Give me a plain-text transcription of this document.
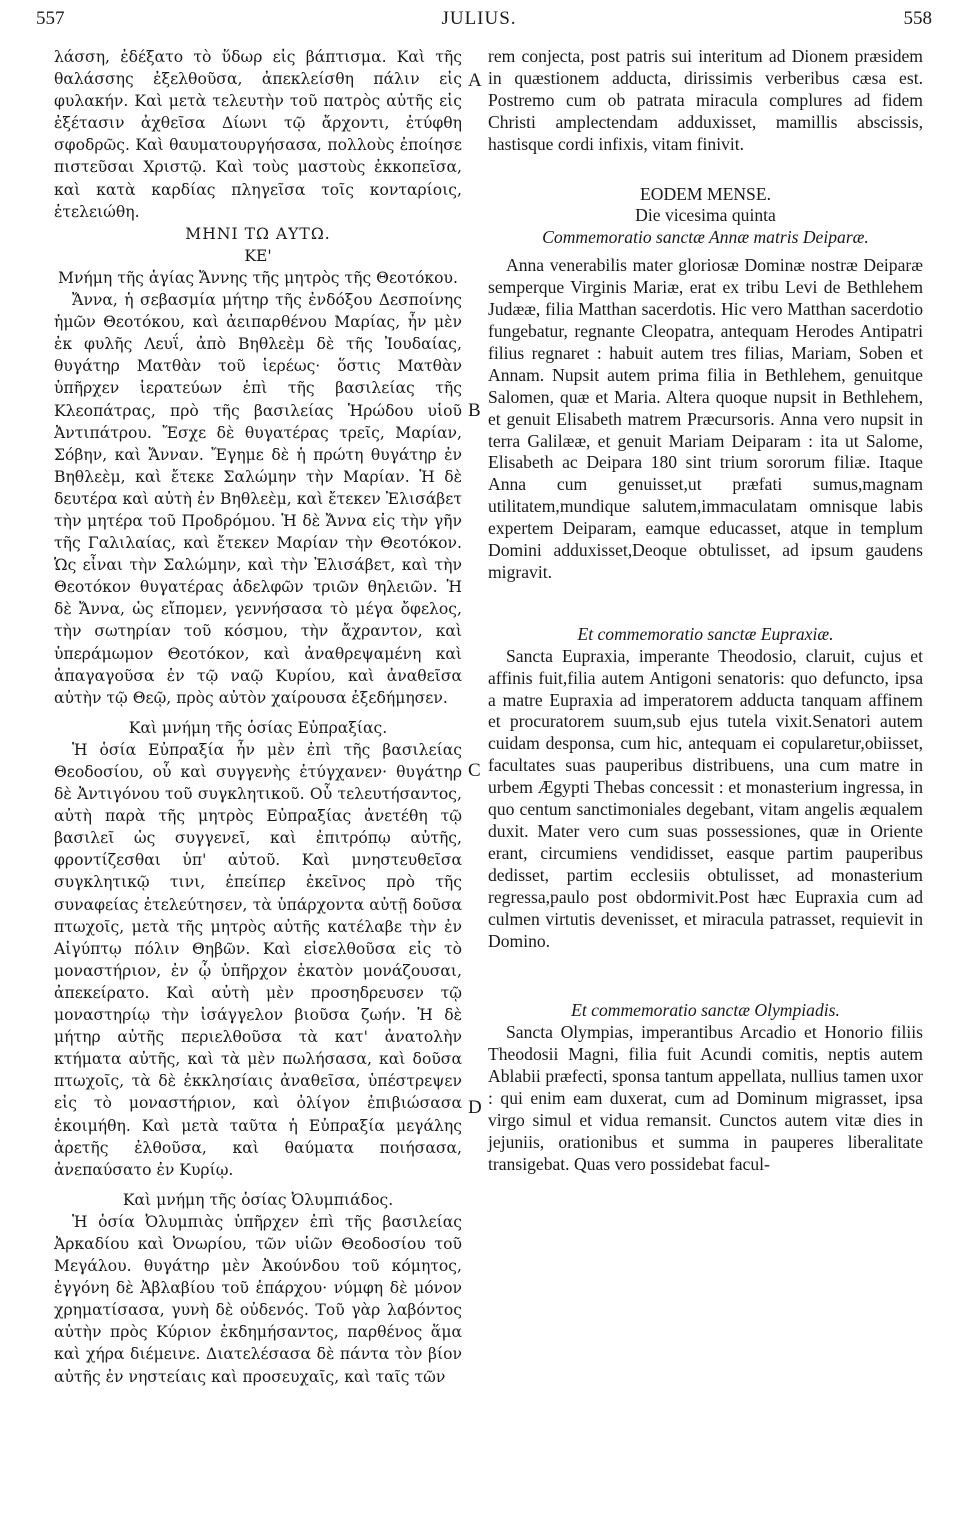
557	JULIUS.	558
A
B
C
D

λάσση, ἐδέξατο τὸ ὕδωρ εἰς βάπτισμα. Καὶ τῆς θαλάσσης ἐξελθοῦσα, ἀπεκλείσθη πάλιν εἰς φυλακήν. Καὶ μετὰ τελευτὴν τοῦ πατρὸς αὐτῆς εἰς ἐξέτασιν ἀχθεῖσα Δίωνι τῷ ἄρχοντι, ἐτύφθη σφοδρῶς. Καὶ θαυματουργήσασα, πολλοὺς ἐποίησε πιστεῦσαι Χριστῷ. Καὶ τοὺς μαστοὺς ἐκκοπεῖσα, καὶ κατὰ καρδίας πληγεῖσα τοῖς κονταρίοις, ἐτελειώθη.

ΜΗΝΙ ΤΩ ΑΥΤΩ.

ΚΕ'

Μνήμη τῆς ἁγίας Ἄννης τῆς μητρὸς τῆς Θεοτόκου.

Ἄννα, ἡ σεβασμία μήτηρ τῆς ἐνδόξου Δεσποίνης ἡμῶν Θεοτόκου, καὶ ἀειπαρθένου Μαρίας, ἦν μὲν ἐκ φυλῆς Λευΐ, ἀπὸ Βηθλεὲμ δὲ τῆς Ἰουδαίας, θυγάτηρ Ματθὰν τοῦ ἱερέως· ὅστις Ματθὰν ὑπῆρχεν ἱερατεύων ἐπὶ τῆς βασιλείας τῆς Κλεοπάτρας, πρὸ τῆς βασιλείας Ἡρώδου υἱοῦ Ἀντιπάτρου. Ἔσχε δὲ θυγατέρας τρεῖς, Μαρίαν, Σόβην, καὶ Ἄνναν. Ἔγημε δὲ ἡ πρώτη θυγάτηρ ἐν Βηθλεὲμ, καὶ ἔτεκε Σαλώμην τὴν Μαρίαν. Ἡ δὲ δευτέρα καὶ αὐτὴ ἐν Βηθλεὲμ, καὶ ἔτεκεν Ἐλισάβετ τὴν μητέρα τοῦ Προδρόμου. Ἡ δὲ Ἄννα εἰς τὴν γῆν τῆς Γαλιλαίας, καὶ ἔτεκεν Μαρίαν τὴν Θεοτόκον. Ὡς εἶναι τὴν Σαλώμην, καὶ τὴν Ἐλισάβετ, καὶ τὴν Θεοτόκον θυγατέρας ἀδελφῶν τριῶν θηλειῶν. Ἡ δὲ Ἄννα, ὡς εἴπομεν, γεννήσασα τὸ μέγα ὄφελος, τὴν σωτηρίαν τοῦ κόσμου, τὴν ἄχραντον, καὶ ὑπεράμωμον Θεοτόκον, καὶ ἀναθρεψαμένη καὶ ἀπαγαγοῦσα ἐν τῷ ναῷ Κυρίου, καὶ ἀναθεῖσα αὐτὴν τῷ Θεῷ, πρὸς αὐτὸν χαίρουσα ἐξεδήμησεν.

Καὶ μνήμη τῆς ὁσίας Εὐπραξίας.

Ἡ ὁσία Εὐπραξία ἦν μὲν ἐπὶ τῆς βασιλείας Θεοδοσίου, οὗ καὶ συγγενὴς ἐτύγχανεν· θυγάτηρ δὲ Ἀντιγόνου τοῦ συγκλητικοῦ. Οὗ τελευτήσαντος, αὐτὴ παρὰ τῆς μητρὸς Εὐπραξίας ἀνετέθη τῷ βασιλεῖ ὡς συγγενεῖ, καὶ ἐπιτρόπῳ αὐτῆς, φροντίζεσθαι ὑπ' αὐτοῦ. Καὶ μνηστευθεῖσα συγκλητικῷ τινι, ἐπείπερ ἐκεῖνος πρὸ τῆς συναφείας ἐτελεύτησεν, τὰ ὑπάρχοντα αὐτῇ δοῦσα πτωχοῖς, μετὰ τῆς μητρὸς αὐτῆς κατέλαβε τὴν ἐν Αἰγύπτῳ πόλιν Θηβῶν. Καὶ εἰσελθοῦσα εἰς τὸ μοναστήριον, ἐν ᾧ ὑπῆρχον ἑκατὸν μονάζουσαι, ἀπεκείρατο. Καὶ αὐτὴ μὲν προσηδρευσεν τῷ μοναστηρίῳ τὴν ἰσάγγελον βιοῦσα ζωήν. Ἡ δὲ μήτηρ αὐτῆς περιελθοῦσα τὰ κατ' ἀνατολὴν κτήματα αὐτῆς, καὶ τὰ μὲν πωλήσασα, καὶ δοῦσα πτωχοῖς, τὰ δὲ ἐκκλησίαις ἀναθεῖσα, ὑπέστρεψεν εἰς τὸ μοναστήριον, καὶ ὀλίγον ἐπιβιώσασα ἐκοιμήθη. Καὶ μετὰ ταῦτα ἡ Εὐπραξία μεγάλης ἀρετῆς ἐλθοῦσα, καὶ θαύματα ποιήσασα, ἀνεπαύσατο ἐν Κυρίῳ.

Καὶ μνήμη τῆς ὁσίας Ὀλυμπιάδος.

Ἡ ὁσία Ὀλυμπιὰς ὑπῆρχεν ἐπὶ τῆς βασιλείας Ἀρκαδίου καὶ Ὀνωρίου, τῶν υἱῶν Θεοδοσίου τοῦ Μεγάλου. θυγάτηρ μὲν Ἀκούνδου τοῦ κόμητος, ἐγγόνη δὲ Ἀβλαβίου τοῦ ἐπάρχου· νύμφη δὲ μόνον χρηματίσασα, γυνὴ δὲ οὐδενός. Τοῦ γὰρ λαβόντος αὐτὴν πρὸς Κύριον ἐκδημήσαντος, παρθένος ἅμα καὶ χήρα διέμεινε. Διατελέσασα δὲ πάντα τὸν βίον αὐτῆς ἐν νηστείαις καὶ προσευχαῖς, καὶ ταῖς τῶν

rem conjecta, post patris sui interitum ad Dionem præsidem in quæstionem adducta, dirissimis verberibus cæsa est. Postremo cum ob patrata miracula complures ad fidem Christi amplectendam adduxisset, mamillis abscissis, hastisque cordi infixis, vitam finivit.

EODEM MENSE.

Die vicesima quinta

Commemoratio sanctæ Annæ matris Deiparæ.

Anna venerabilis mater gloriosæ Dominæ nostræ Deiparæ semperque Virginis Mariæ, erat ex tribu Levi de Bethlehem Judææ, filia Matthan sacerdotis. Hic vero Matthan sacerdotio fungebatur, regnante Cleopatra, antequam Herodes Antipatri filius regnaret : habuit autem tres filias, Mariam, Soben et Annam. Nupsit autem prima filia in Bethlehem, genuitque Salomen, quæ et Maria. Altera quoque nupsit in Bethlehem, et genuit Elisabeth matrem Præcursoris. Anna vero nupsit in terra Galilææ, et genuit Mariam Deiparam : ita ut Salome, Elisabeth ac Deipara 180 sint trium sororum filiæ. Itaque Anna cum genuisset,ut præfati sumus,magnam utilitatem,mundique salutem,immaculatam omnisque labis expertem Deiparam, eamque educasset, atque in templum Domini adduxisset,Deoque obtulisset, ad ipsum gaudens migravit.

Et commemoratio sanctæ Eupraxiæ.

Sancta Eupraxia, imperante Theodosio, claruit, cujus et affinis fuit,filia autem Antigoni senatoris: quo defuncto, ipsa a matre Eupraxia ad imperatorem adducta tanquam affinem et procuratorem suum,sub ejus tutela vixit.Senatori autem cuidam desponsa, cum hic, antequam ei copularetur,obiisset, facultates suas pauperibus distribuens, una cum matre in urbem Ægypti Thebas concessit : et monasterium ingressa, in quo centum sanctimoniales degebant, vitam angelis æqualem duxit. Mater vero cum suas possessiones, quæ in Oriente erant, circumiens vendidisset, easque partim pauperibus dedisset, partim ecclesiis obtulisset, ad monasterium regressa,paulo post obdormivit.Post hæc Eupraxia cum ad culmen virtutis devenisset, et miracula patrasset, requievit in Domino.

Et commemoratio sanctæ Olympiadis.

Sancta Olympias, imperantibus Arcadio et Honorio filiis Theodosii Magni, filia fuit Acundi comitis, neptis autem Ablabii præfecti, sponsa tantum appellata, nullius tamen uxor : qui enim eam duxerat, cum ad Dominum migrasset, ipsa virgo simul et vidua remansit. Cunctos autem vitæ dies in jejuniis, orationibus et summa in pauperes liberalitate transigebat. Quas vero possidebat facul-
